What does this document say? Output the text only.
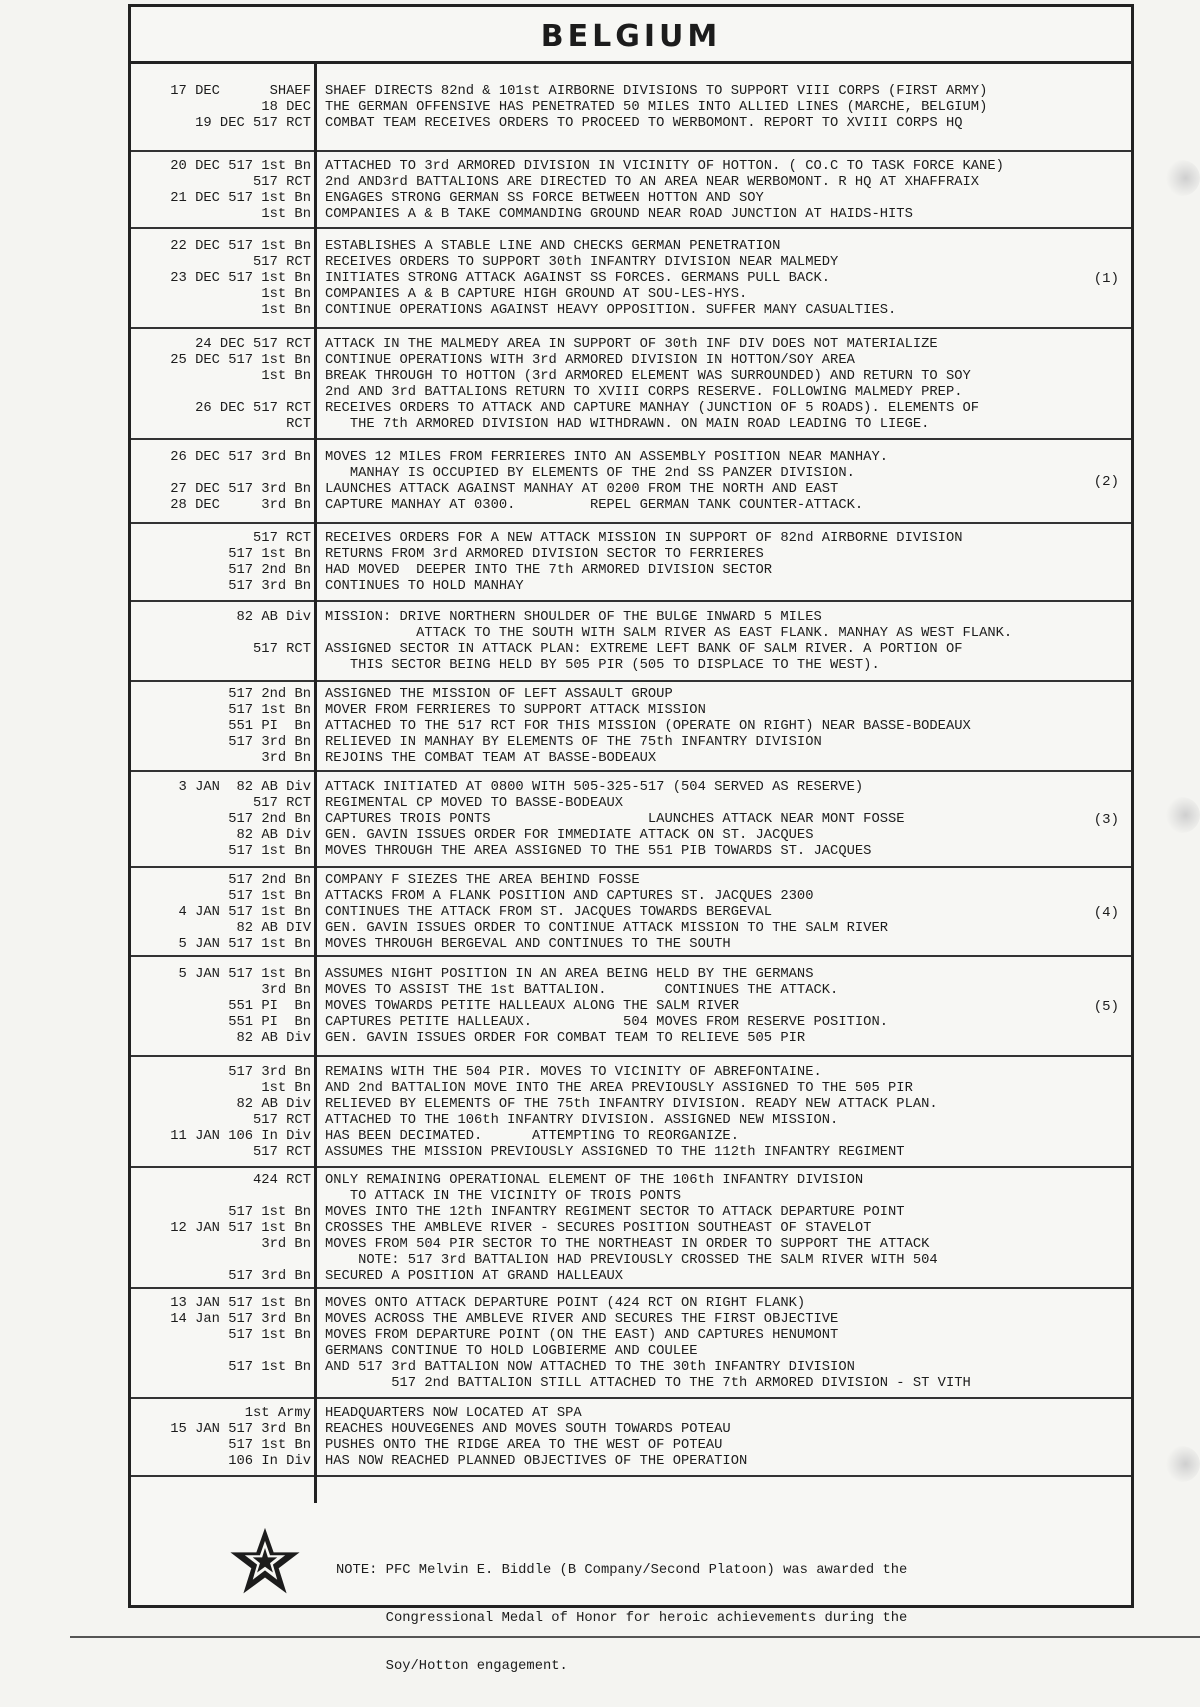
BELGIUM
17 DEC      SHAEF
18 DEC
19 DEC 517 RCT
SHAEF DIRECTS 82nd & 101st AIRBORNE DIVISIONS TO SUPPORT VIII CORPS (FIRST ARMY)
THE GERMAN OFFENSIVE HAS PENETRATED 50 MILES INTO ALLIED LINES (MARCHE, BELGIUM)
COMBAT TEAM RECEIVES ORDERS TO PROCEED TO WERBOMONT. REPORT TO XVIII CORPS HQ
20 DEC 517 1st Bn
517 RCT
21 DEC 517 1st Bn
1st Bn
ATTACHED TO 3rd ARMORED DIVISION IN VICINITY OF HOTTON. ( CO.C TO TASK FORCE KANE)
2nd AND3rd BATTALIONS ARE DIRECTED TO AN AREA NEAR WERBOMONT. R HQ AT XHAFFRAIX
ENGAGES STRONG GERMAN SS FORCE BETWEEN HOTTON AND SOY
COMPANIES A & B TAKE COMMANDING GROUND NEAR ROAD JUNCTION AT HAIDS-HITS
22 DEC 517 1st Bn
517 RCT
23 DEC 517 1st Bn
1st Bn
1st Bn
ESTABLISHES A STABLE LINE AND CHECKS GERMAN PENETRATION
RECEIVES ORDERS TO SUPPORT 30th INFANTRY DIVISION NEAR MALMEDY
INITIATES STRONG ATTACK AGAINST SS FORCES. GERMANS PULL BACK.
COMPANIES A & B CAPTURE HIGH GROUND AT SOU-LES-HYS.
CONTINUE OPERATIONS AGAINST HEAVY OPPOSITION. SUFFER MANY CASUALTIES.
(1)
24 DEC 517 RCT
25 DEC 517 1st Bn
1st Bn
26 DEC 517 RCT
RCT
ATTACK IN THE MALMEDY AREA IN SUPPORT OF 30th INF DIV DOES NOT MATERIALIZE
CONTINUE OPERATIONS WITH 3rd ARMORED DIVISION IN HOTTON/SOY AREA
BREAK THROUGH TO HOTTON (3rd ARMORED ELEMENT WAS SURROUNDED) AND RETURN TO SOY
2nd AND 3rd BATTALIONS RETURN TO XVIII CORPS RESERVE. FOLLOWING MALMEDY PREP.
RECEIVES ORDERS TO ATTACK AND CAPTURE MANHAY (JUNCTION OF 5 ROADS). ELEMENTS OF
THE 7th ARMORED DIVISION HAD WITHDRAWN. ON MAIN ROAD LEADING TO LIEGE.
26 DEC 517 3rd Bn
27 DEC 517 3rd Bn
28 DEC     3rd Bn
MOVES 12 MILES FROM FERRIERES INTO AN ASSEMBLY POSITION NEAR MANHAY.
MANHAY IS OCCUPIED BY ELEMENTS OF THE 2nd SS PANZER DIVISION.
LAUNCHES ATTACK AGAINST MANHAY AT 0200 FROM THE NORTH AND EAST
CAPTURE MANHAY AT 0300.         REPEL GERMAN TANK COUNTER-ATTACK.
(2)
517 RCT
517 1st Bn
517 2nd Bn
517 3rd Bn
RECEIVES ORDERS FOR A NEW ATTACK MISSION IN SUPPORT OF 82nd AIRBORNE DIVISION
RETURNS FROM 3rd ARMORED DIVISION SECTOR TO FERRIERES
HAD MOVED  DEEPER INTO THE 7th ARMORED DIVISION SECTOR
CONTINUES TO HOLD MANHAY
82 AB Div
517 RCT
MISSION: DRIVE NORTHERN SHOULDER OF THE BULGE INWARD 5 MILES
ATTACK TO THE SOUTH WITH SALM RIVER AS EAST FLANK. MANHAY AS WEST FLANK.
ASSIGNED SECTOR IN ATTACK PLAN: EXTREME LEFT BANK OF SALM RIVER. A PORTION OF
THIS SECTOR BEING HELD BY 505 PIR (505 TO DISPLACE TO THE WEST).
517 2nd Bn
517 1st Bn
551 PI  Bn
517 3rd Bn
3rd Bn
ASSIGNED THE MISSION OF LEFT ASSAULT GROUP
MOVER FROM FERRIERES TO SUPPORT ATTACK MISSION
ATTACHED TO THE 517 RCT FOR THIS MISSION (OPERATE ON RIGHT) NEAR BASSE-BODEAUX
RELIEVED IN MANHAY BY ELEMENTS OF THE 75th INFANTRY DIVISION
REJOINS THE COMBAT TEAM AT BASSE-BODEAUX
3 JAN  82 AB Div
517 RCT
517 2nd Bn
82 AB Div
517 1st Bn
ATTACK INITIATED AT 0800 WITH 505-325-517 (504 SERVED AS RESERVE)
REGIMENTAL CP MOVED TO BASSE-BODEAUX
CAPTURES TROIS PONTS                   LAUNCHES ATTACK NEAR MONT FOSSE
GEN. GAVIN ISSUES ORDER FOR IMMEDIATE ATTACK ON ST. JACQUES
MOVES THROUGH THE AREA ASSIGNED TO THE 551 PIB TOWARDS ST. JACQUES
(3)
517 2nd Bn
517 1st Bn
4 JAN 517 1st Bn
82 AB DIV
5 JAN 517 1st Bn
COMPANY F SIEZES THE AREA BEHIND FOSSE
ATTACKS FROM A FLANK POSITION AND CAPTURES ST. JACQUES 2300
CONTINUES THE ATTACK FROM ST. JACQUES TOWARDS BERGEVAL
GEN. GAVIN ISSUES ORDER TO CONTINUE ATTACK MISSION TO THE SALM RIVER
MOVES THROUGH BERGEVAL AND CONTINUES TO THE SOUTH
(4)
5 JAN 517 1st Bn
3rd Bn
551 PI  Bn
551 PI  Bn
82 AB Div
ASSUMES NIGHT POSITION IN AN AREA BEING HELD BY THE GERMANS
MOVES TO ASSIST THE 1st BATTALION.       CONTINUES THE ATTACK.
MOVES TOWARDS PETITE HALLEAUX ALONG THE SALM RIVER
CAPTURES PETITE HALLEAUX.           504 MOVES FROM RESERVE POSITION.
GEN. GAVIN ISSUES ORDER FOR COMBAT TEAM TO RELIEVE 505 PIR
(5)
517 3rd Bn
1st Bn
82 AB Div
517 RCT
11 JAN 106 In Div
517 RCT
REMAINS WITH THE 504 PIR. MOVES TO VICINITY OF ABREFONTAINE.
AND 2nd BATTALION MOVE INTO THE AREA PREVIOUSLY ASSIGNED TO THE 505 PIR
RELIEVED BY ELEMENTS OF THE 75th INFANTRY DIVISION. READY NEW ATTACK PLAN.
ATTACHED TO THE 106th INFANTRY DIVISION. ASSIGNED NEW MISSION.
HAS BEEN DECIMATED.      ATTEMPTING TO REORGANIZE.
ASSUMES THE MISSION PREVIOUSLY ASSIGNED TO THE 112th INFANTRY REGIMENT
424 RCT
517 1st Bn
12 JAN 517 1st Bn
3rd Bn
517 3rd Bn
ONLY REMAINING OPERATIONAL ELEMENT OF THE 106th INFANTRY DIVISION
TO ATTACK IN THE VICINITY OF TROIS PONTS
MOVES INTO THE 12th INFANTRY REGIMENT SECTOR TO ATTACK DEPARTURE POINT
CROSSES THE AMBLEVE RIVER - SECURES POSITION SOUTHEAST OF STAVELOT
MOVES FROM 504 PIR SECTOR TO THE NORTHEAST IN ORDER TO SUPPORT THE ATTACK
NOTE: 517 3rd BATTALION HAD PREVIOUSLY CROSSED THE SALM RIVER WITH 504
SECURED A POSITION AT GRAND HALLEAUX
13 JAN 517 1st Bn
14 Jan 517 3rd Bn
517 1st Bn
517 1st Bn
MOVES ONTO ATTACK DEPARTURE POINT (424 RCT ON RIGHT FLANK)
MOVES ACROSS THE AMBLEVE RIVER AND SECURES THE FIRST OBJECTIVE
MOVES FROM DEPARTURE POINT (ON THE EAST) AND CAPTURES HENUMONT
GERMANS CONTINUE TO HOLD LOGBIERME AND COULEE
AND 517 3rd BATTALION NOW ATTACHED TO THE 30th INFANTRY DIVISION
517 2nd BATTALION STILL ATTACHED TO THE 7th ARMORED DIVISION - ST VITH
1st Army
15 JAN 517 3rd Bn
517 1st Bn
106 In Div
HEADQUARTERS NOW LOCATED AT SPA
REACHES HOUVEGENES AND MOVES SOUTH TOWARDS POTEAU
PUSHES ONTO THE RIDGE AREA TO THE WEST OF POTEAU
HAS NOW REACHED PLANNED OBJECTIVES OF THE OPERATION

NOTE: PFC Melvin E. Biddle (B Company/Second Platoon) was awarded the

Congressional Medal of Honor for heroic achievements during the

Soy/Hotton engagement.
